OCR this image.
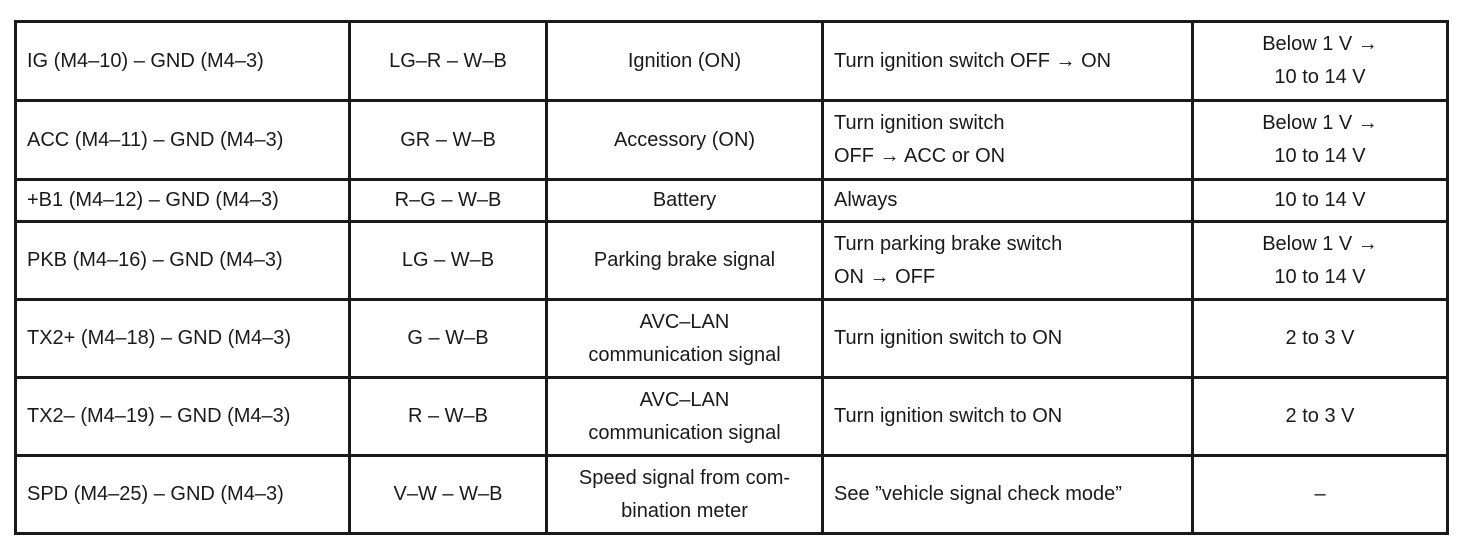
IG (M4–10) – GND (M4–3)	LG–R – W–B	Ignition (ON)	Turn ignition switch OFF → ON	Below 1 V →
10 to 14 V

ACC (M4–11) – GND (M4–3)	GR – W–B	Accessory (ON)	Turn ignition switch
OFF → ACC or ON	Below 1 V →
10 to 14 V

+B1 (M4–12) – GND (M4–3)	R–G – W–B	Battery	Always	10 to 14 V

PKB (M4–16) – GND (M4–3)	LG – W–B	Parking brake signal	Turn parking brake switch
ON → OFF	Below 1 V →
10 to 14 V

TX2+ (M4–18) – GND (M4–3)	G – W–B	AVC–LAN
communication signal	Turn ignition switch to ON	2 to 3 V

TX2– (M4–19) – GND (M4–3)	R – W–B	AVC–LAN
communication signal	Turn ignition switch to ON	2 to 3 V

SPD (M4–25) – GND (M4–3)	V–W – W–B	Speed signal from com-
bination meter	See ”vehicle signal check mode”	–
